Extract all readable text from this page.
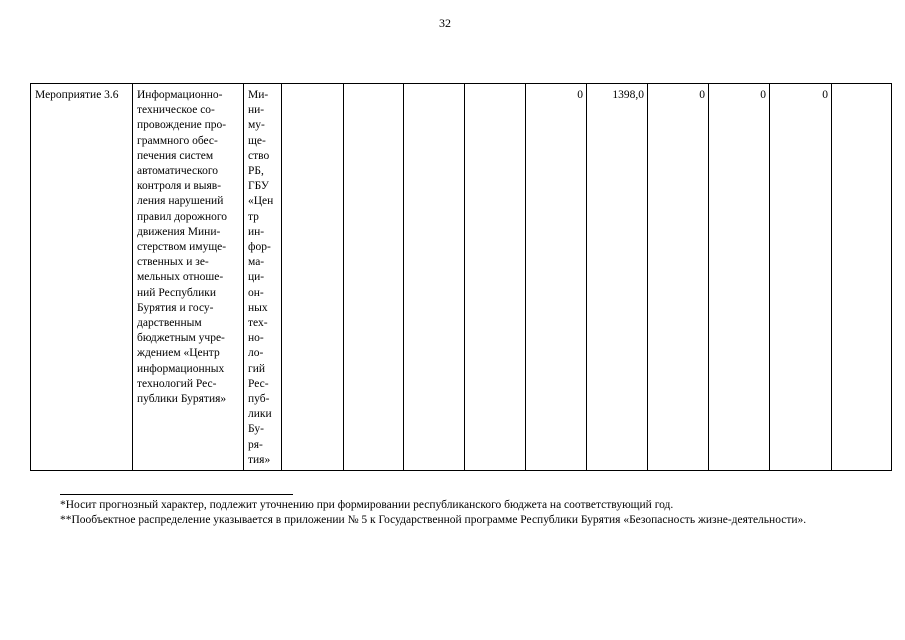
32
Мероприятие 3.6	Информационно-
техническое со-
провождение про-
граммного обес-
печения систем
автоматического
контроля и выяв-
ления нарушений
правил дорожного
движения Мини-
стерством имуще-
ственных и зе-
мельных отноше-
ний Республики
Бурятия и госу-
дарственным
бюджетным учре-
ждением «Центр
информационных
технологий Рес-
публики Бурятия»	Ми-
ни-
му-
ще-
ство
РБ,
ГБУ
«Цен
тр
ин-
фор-
ма-
ци-
он-
ных
тех-
но-
ло-
гий
Рес-
пуб-
лики
Бу-
ря-
тия»					0	1398,0	0	0	0	

*Носит прогнозный характер, подлежит уточнению при формировании республиканского бюджета на соответствующий год.

**Пообъектное распределение указывается в приложении № 5 к Государственной программе Республики Бурятия «Безопасность жизне-деятельности».
